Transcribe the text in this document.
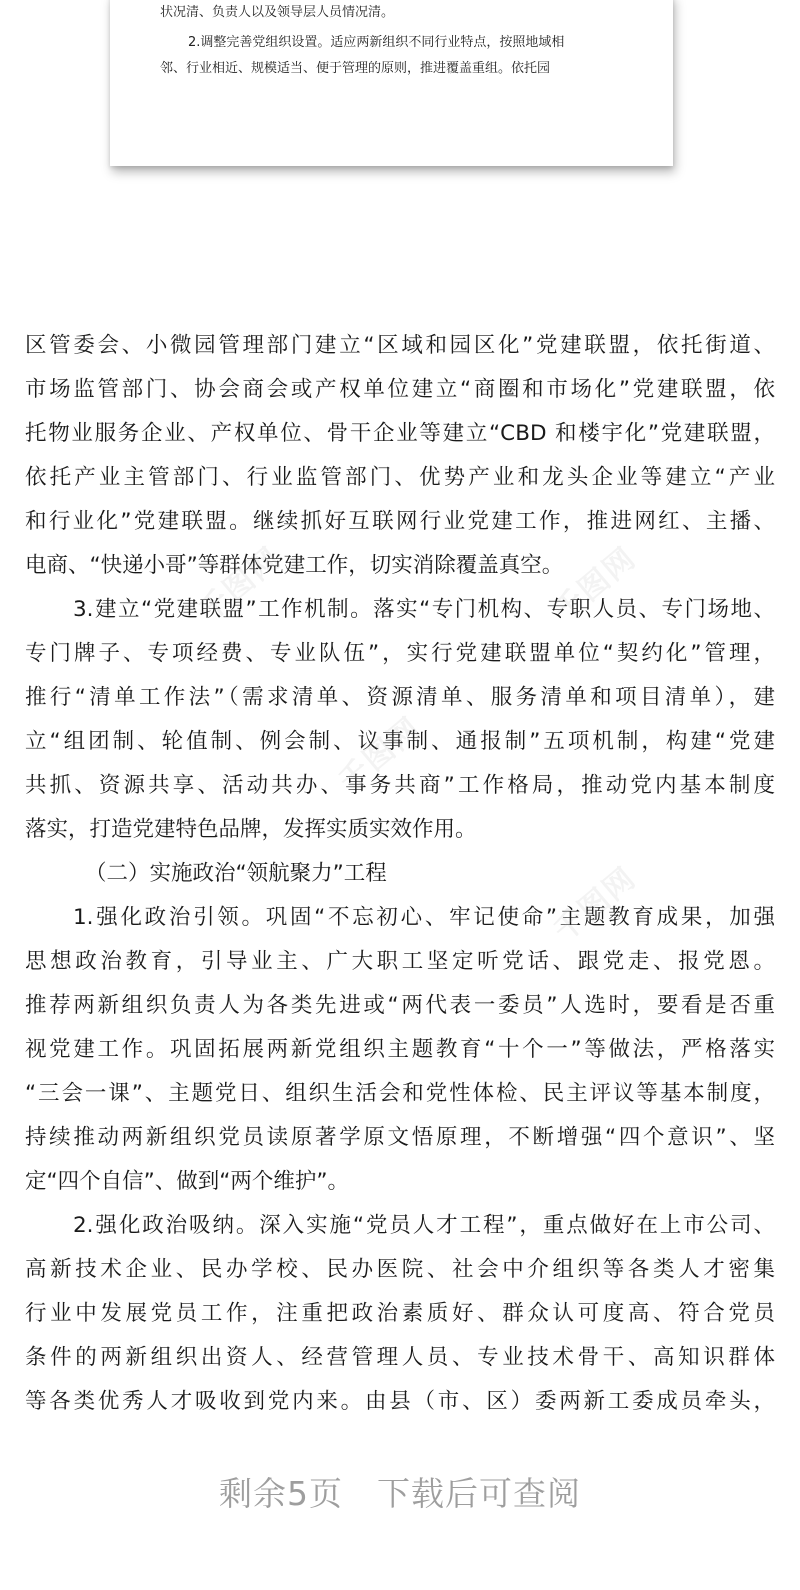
状况清、负责人以及领导层人员情况清。
2.调整完善党组织设置。适应两新组织不同行业特点，按照地域相
邻、行业相近、规模适当、便于管理的原则，推进覆盖重组。依托园
区管委会、小微园管理部门建立“区域和园区化”党建联盟，依托街道、
市场监管部门、协会商会或产权单位建立“商圈和市场化”党建联盟，依
托物业服务企业、产权单位、骨干企业等建立“CBD 和楼宇化”党建联盟，
依托产业主管部门、行业监管部门、优势产业和龙头企业等建立“产业
和行业化”党建联盟。继续抓好互联网行业党建工作，推进网红、主播、
电商、“快递小哥”等群体党建工作，切实消除覆盖真空。
3.建立“党建联盟”工作机制。落实“专门机构、专职人员、专门场地、
专门牌子、专项经费、专业队伍”，实行党建联盟单位“契约化”管理，
推行“清单工作法”（需求清单、资源清单、服务清单和项目清单），建
立“组团制、轮值制、例会制、议事制、通报制”五项机制，构建“党建
共抓、资源共享、活动共办、事务共商”工作格局，推动党内基本制度
落实，打造党建特色品牌，发挥实质实效作用。
（二）实施政治“领航聚力”工程
1.强化政治引领。巩固“不忘初心、牢记使命”主题教育成果，加强
思想政治教育，引导业主、广大职工坚定听党话、跟党走、报党恩。
推荐两新组织负责人为各类先进或“两代表一委员”人选时，要看是否重
视党建工作。巩固拓展两新党组织主题教育“十个一”等做法，严格落实
“三会一课”、主题党日、组织生活会和党性体检、民主评议等基本制度，
持续推动两新组织党员读原著学原文悟原理，不断增强“四个意识”、坚
定“四个自信”、做到“两个维护”。
2.强化政治吸纳。深入实施“党员人才工程”，重点做好在上市公司、
高新技术企业、民办学校、民办医院、社会中介组织等各类人才密集
行业中发展党员工作，注重把政治素质好、群众认可度高、符合党员
条件的两新组织出资人、经营管理人员、专业技术骨干、高知识群体
等各类优秀人才吸收到党内来。由县（市、区）委两新工委成员牵头，
千图网	千图网
千图网
千图网
剩余5页 下载后可查阅
